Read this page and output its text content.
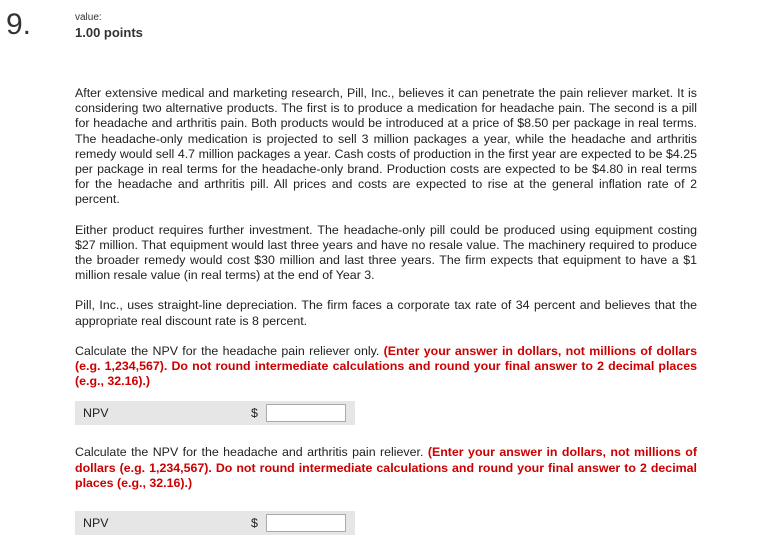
9.	value:
1.00 points

After extensive medical and marketing research, Pill, Inc., believes it can penetrate the pain reliever market. It is considering two alternative products. The first is to produce a medication for headache pain. The second is a pill for headache and arthritis pain. Both products would be introduced at a price of $8.50 per package in real terms. The headache-only medication is projected to sell 3 million packages a year, while the headache and arthritis remedy would sell 4.7 million packages a year. Cash costs of production in the first year are expected to be $4.25 per package in real terms for the headache-only brand. Production costs are expected to be $4.80 in real terms for the headache and arthritis pill. All prices and costs are expected to rise at the general inflation rate of 2 percent.

Either product requires further investment. The headache-only pill could be produced using equipment costing $27 million. That equipment would last three years and have no resale value. The machinery required to produce the broader remedy would cost $30 million and last three years. The firm expects that equipment to have a $1 million resale value (in real terms) at the end of Year 3.

Pill, Inc., uses straight-line depreciation. The firm faces a corporate tax rate of 34 percent and believes that the appropriate real discount rate is 8 percent.

Calculate the NPV for the headache pain reliever only. (Enter your answer in dollars, not millions of dollars (e.g. 1,234,567). Do not round intermediate calculations and round your final answer to 2 decimal places (e.g., 32.16).)

NPV	$

Calculate the NPV for the headache and arthritis pain reliever. (Enter your answer in dollars, not millions of dollars (e.g. 1,234,567). Do not round intermediate calculations and round your final answer to 2 decimal places (e.g., 32.16).)

NPV	$
